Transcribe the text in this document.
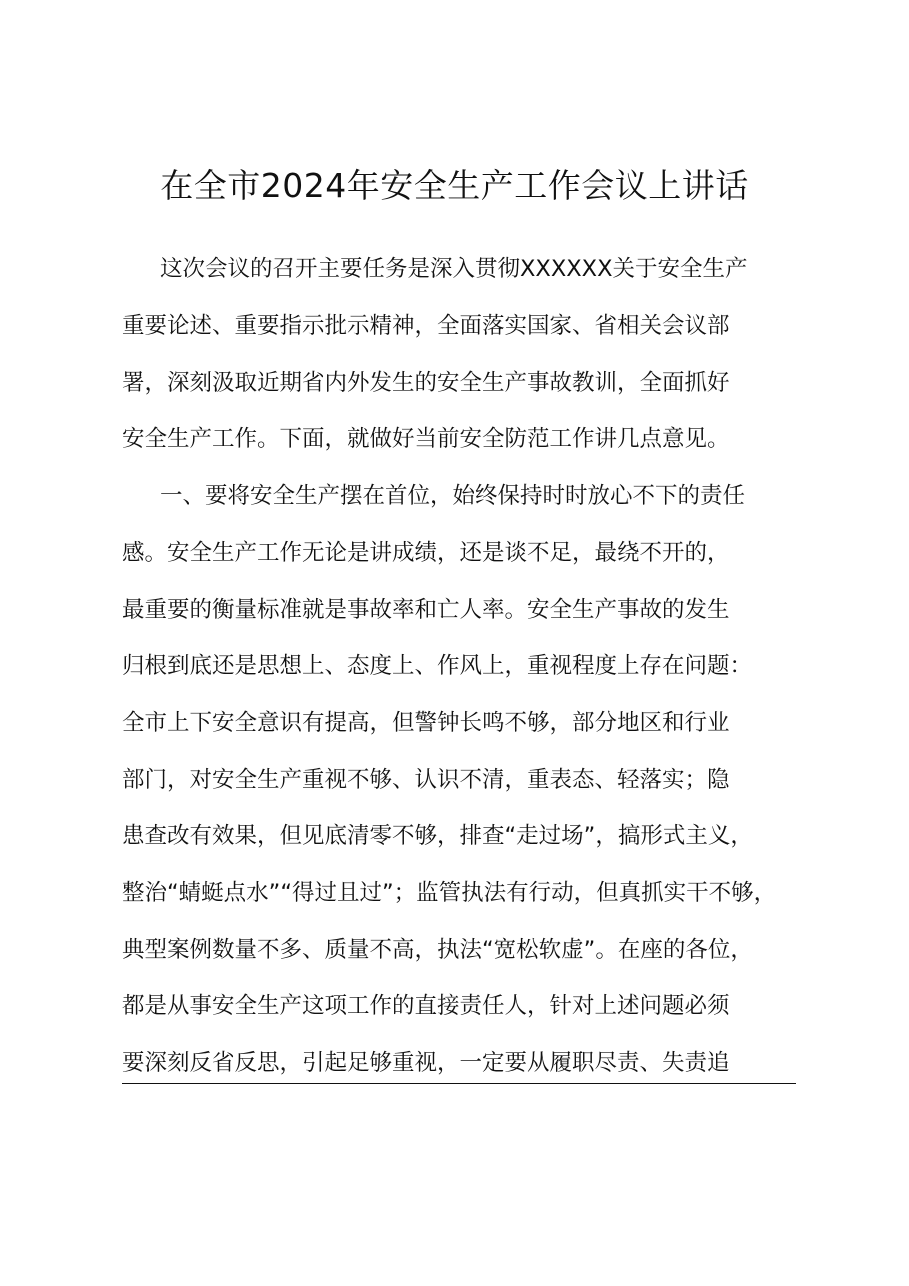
在全市2024年安全生产工作会议上讲话
这次会议的召开主要任务是深入贯彻XXXXXX关于安全生产
重要论述、重要指示批示精神，全面落实国家、省相关会议部
署，深刻汲取近期省内外发生的安全生产事故教训，全面抓好
安全生产工作。下面，就做好当前安全防范工作讲几点意见。
一、要将安全生产摆在首位，始终保持时时放心不下的责任
感。安全生产工作无论是讲成绩，还是谈不足，最绕不开的，
最重要的衡量标准就是事故率和亡人率。安全生产事故的发生
归根到底还是思想上、态度上、作风上，重视程度上存在问题：
全市上下安全意识有提高，但警钟长鸣不够，部分地区和行业
部门，对安全生产重视不够、认识不清，重表态、轻落实；隐
患查改有效果，但见底清零不够，排查“走过场”，搞形式主义，
整治“蜻蜓点水”“得过且过”；监管执法有行动，但真抓实干不够，
典型案例数量不多、质量不高，执法“宽松软虚”。在座的各位，
都是从事安全生产这项工作的直接责任人，针对上述问题必须
要深刻反省反思，引起足够重视，一定要从履职尽责、失责追
